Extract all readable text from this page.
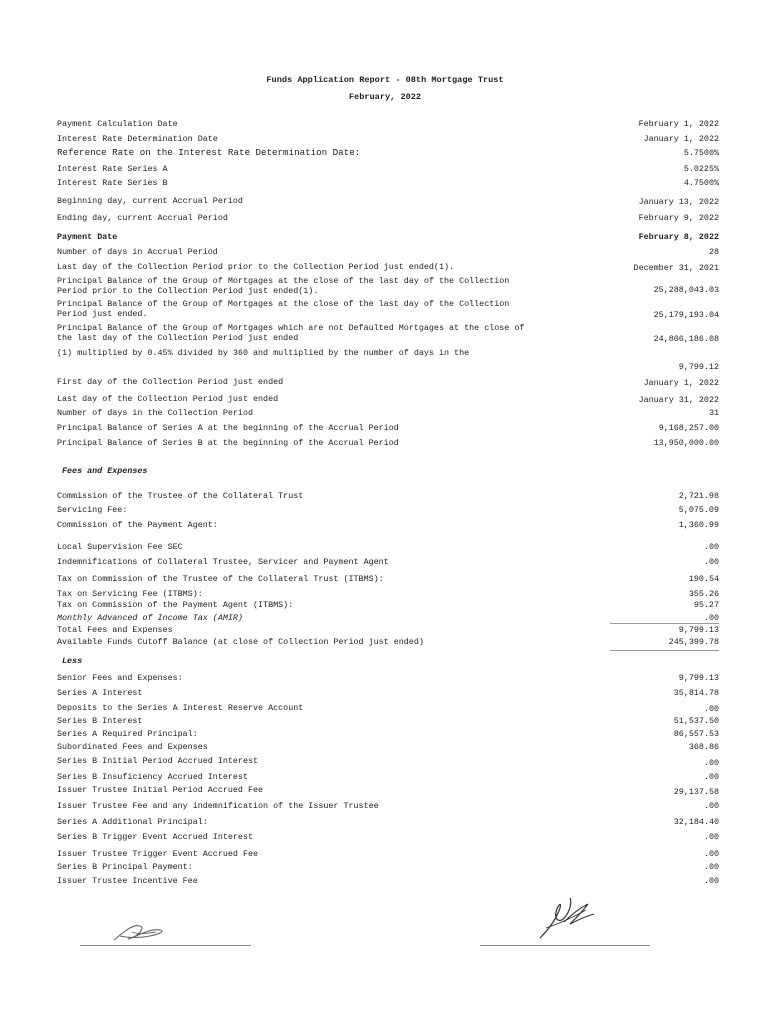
Funds Application Report - 08th Mortgage Trust
February, 2022
Payment Calculation Date	February 1, 2022
Interest Rate Determination Date	January 1, 2022
Reference Rate on the Interest Rate Determination Date:	5.7500%
Interest Rate Series A	5.0225%
Interest Rate Series B	4.7500%
Beginning day, current Accrual Period	January 13, 2022
Ending day, current Accrual Period	February 9, 2022
Payment Date	February 8, 2022
Number of days in Accrual Period	28
Last day of the Collection Period prior to the Collection Period just ended(1).	December 31, 2021
Principal Balance of the Group of Mortgages at the close of the last day of the Collection Period prior to the Collection Period just ended(1).	25,288,043.03
Principal Balance of the Group of Mortgages at the close of the last day of the Collection Period just ended.	25,179,193.04
Principal Balance of the Group of Mortgages which are not Defaulted Mortgages at the close of the last day of the Collection Period just ended	24,806,186.08
(1) multiplied by 0.45% divided by 360 and multiplied by the number of days in the
9,799.12
First day of the Collection Period just ended	January 1, 2022
Last day of the Collection Period just ended	January 31, 2022
Number of days in the Collection Period	31
Principal Balance of Series A at the beginning of the Accrual Period	9,168,257.00
Principal Balance of Series B at the beginning of the Accrual Period	13,950,000.00
Fees and Expenses
Commission of the Trustee of the Collateral Trust	2,721.98
Servicing Fee:	5,075.09
Commission of the Payment Agent:	1,360.99
Local Supervision Fee SEC	.00
Indemnifications of Collateral Trustee, Servicer and Payment Agent	.00
Tax on Commission of the Trustee of the Collateral Trust (ITBMS):	190.54
Tax on Servicing Fee (ITBMS):	355.26
Tax on Commission of the Payment Agent (ITBMS):	95.27
Monthly Advanced of Income Tax (AMIR)	.00
Total Fees and Expenses	9,799.13
Available Funds Cutoff Balance (at close of Collection Period just ended)	245,399.78
Less
Senior Fees and Expenses:	9,799.13
Series A Interest	35,814.78
Deposits to the Series A Interest Reserve Account	.00
Series B Interest	51,537.50
Series A Required Principal:	86,557.53
Subordinated Fees and Expenses	368.86
Series B Initial Period Accrued Interest	.00
Series B Insuficiency Accrued Interest	.00
Issuer Trustee Initial Period Accrued Fee	29,137.58
Issuer Trustee Fee and any indemnification of the Issuer Trustee	.00
Series A Additional Principal:	32,184.40
Series B Trigger Event Accrued Interest	.00
Issuer Trustee Trigger Event Accrued Fee	.00
Series B Principal Payment:	.00
Issuer Trustee Incentive Fee	.00
